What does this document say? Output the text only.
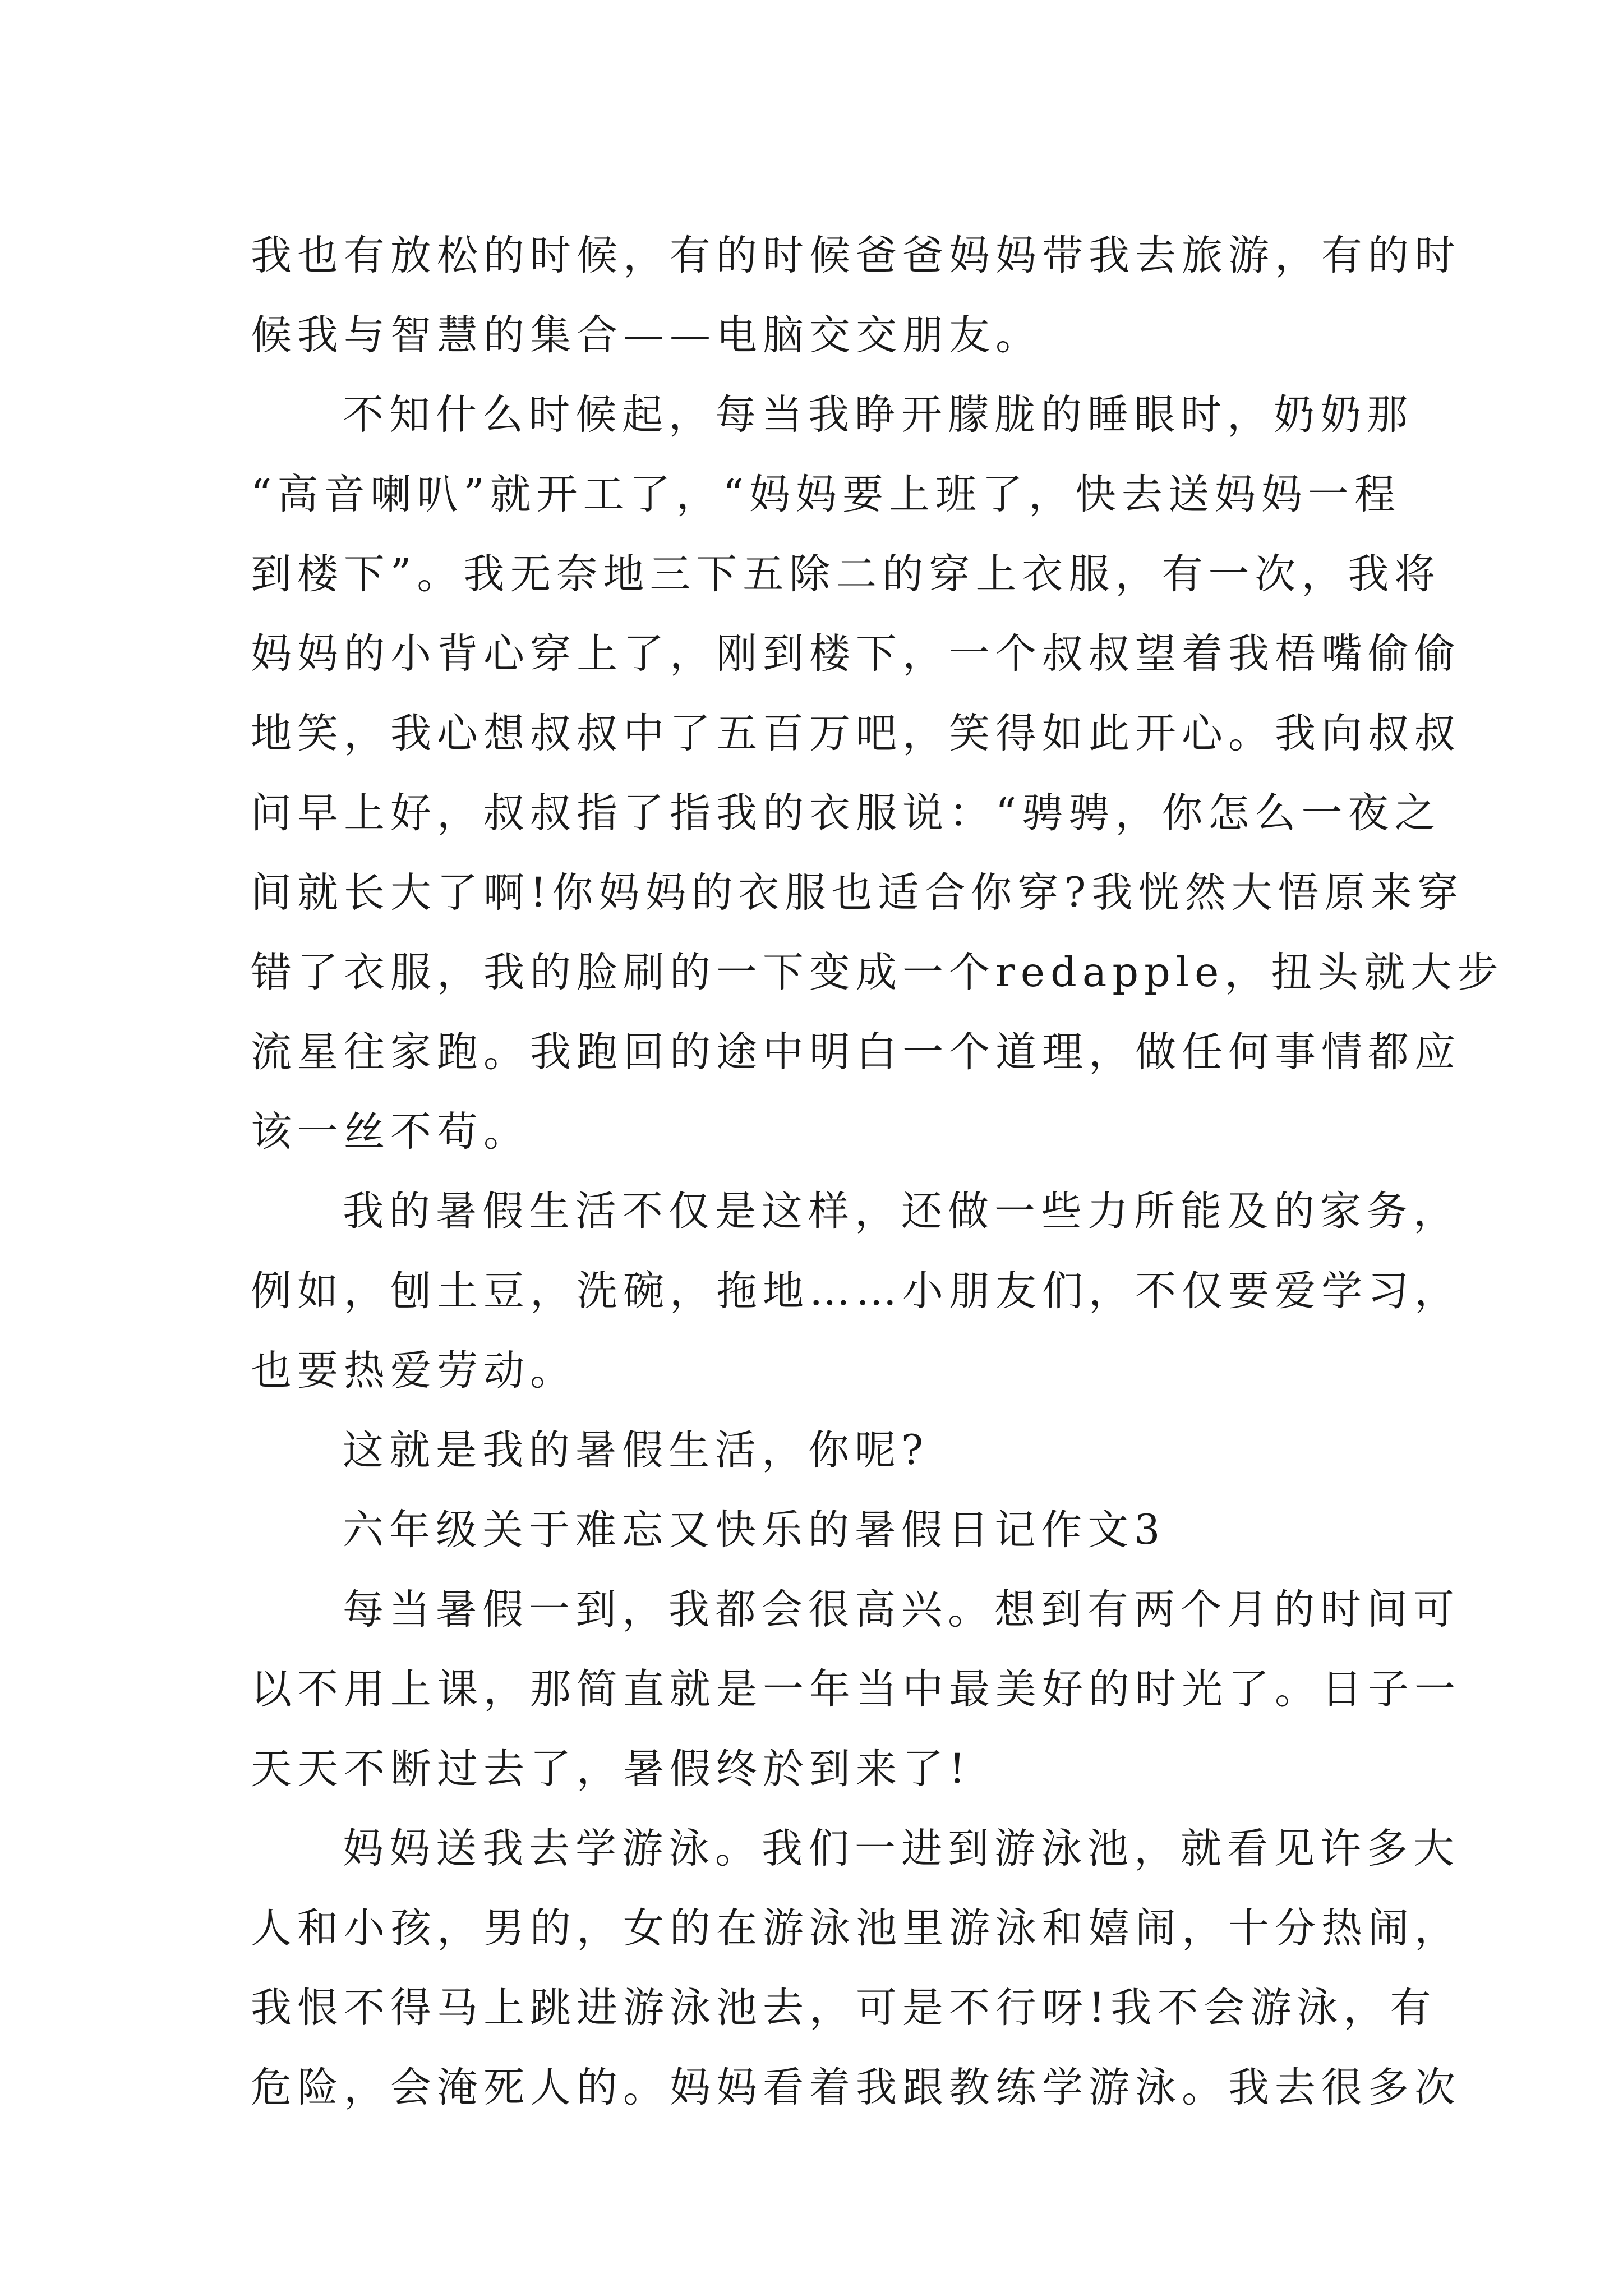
我也有放松的时候，有的时候爸爸妈妈带我去旅游，有的时
候我与智慧的集合——电脑交交朋友。
不知什么时候起，每当我睁开朦胧的睡眼时，奶奶那
“高音喇叭”就开工了，“妈妈要上班了，快去送妈妈一程
到楼下”。我无奈地三下五除二的穿上衣服，有一次，我将
妈妈的小背心穿上了，刚到楼下，一个叔叔望着我梧嘴偷偷
地笑，我心想叔叔中了五百万吧，笑得如此开心。我向叔叔
问早上好，叔叔指了指我的衣服说：“骋骋，你怎么一夜之
间就长大了啊!你妈妈的衣服也适合你穿?我恍然大悟原来穿
错了衣服，我的脸刷的一下变成一个redapple，扭头就大步
流星往家跑。我跑回的途中明白一个道理，做任何事情都应
该一丝不苟。
我的暑假生活不仅是这样，还做一些力所能及的家务，
例如，刨土豆，洗碗，拖地……小朋友们，不仅要爱学习，
也要热爱劳动。
这就是我的暑假生活，你呢?
六年级关于难忘又快乐的暑假日记作文3
每当暑假一到，我都会很高兴。想到有两个月的时间可
以不用上课，那简直就是一年当中最美好的时光了。日子一
天天不断过去了，暑假终於到来了!
妈妈送我去学游泳。我们一进到游泳池，就看见许多大
人和小孩，男的，女的在游泳池里游泳和嬉闹，十分热闹，
我恨不得马上跳进游泳池去，可是不行呀!我不会游泳，有
危险，会淹死人的。妈妈看着我跟教练学游泳。我去很多次
